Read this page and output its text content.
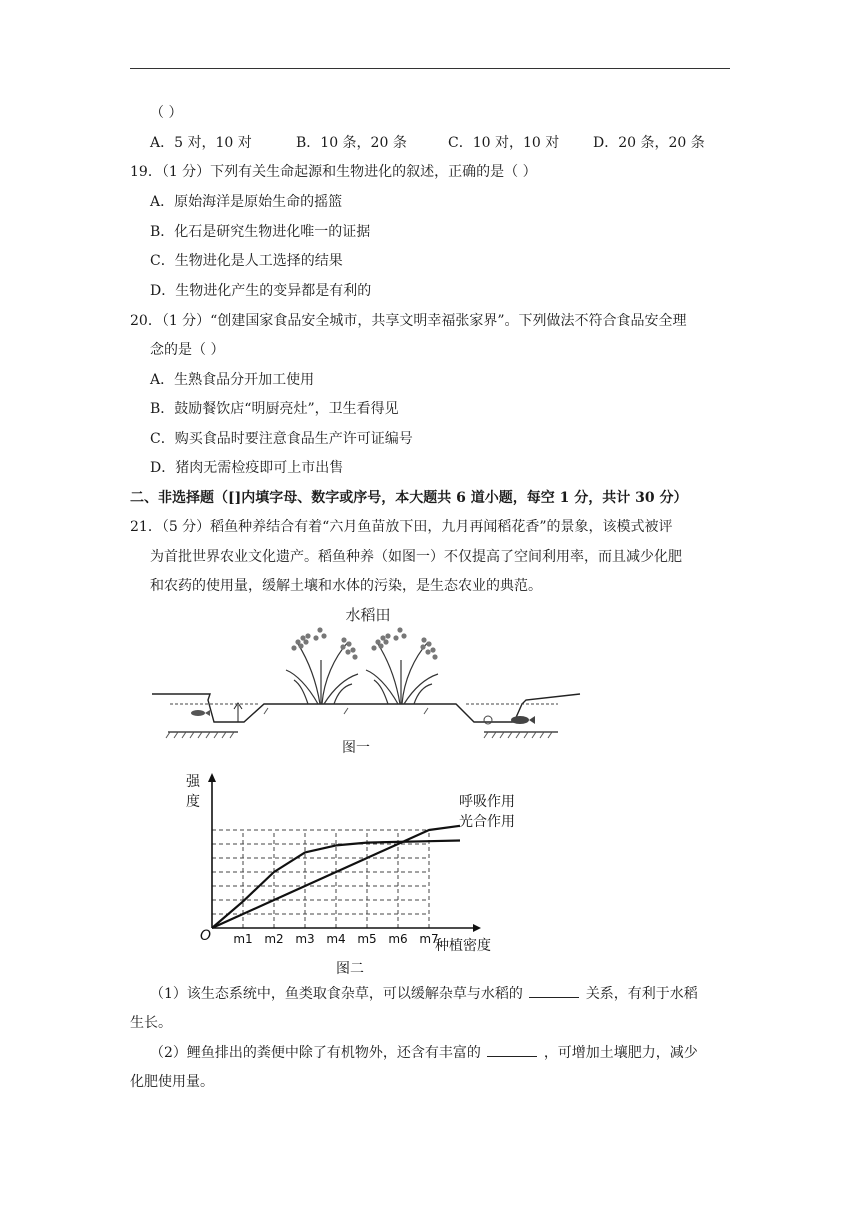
（ ）
A．5 对，10 对	B．10 条，20 条	C．10 对，10 对 D．20 条，20 条
19．（1 分）下列有关生命起源和生物进化的叙述，正确的是（ ）
A．原始海洋是原始生命的摇篮
B．化石是研究生物进化唯一的证据
C．生物进化是人工选择的结果
D．生物进化产生的变异都是有利的
20．（1 分）“创建国家食品安全城市，共享文明幸福张家界”。下列做法不符合食品安全理
念的是（ ）
A．生熟食品分开加工使用
B．鼓励餐饮店“明厨亮灶”，卫生看得见
C．购买食品时要注意食品生产许可证编号
D．猪肉无需检疫即可上市出售
二、非选择题（[]内填字母、数字或序号，本大题共 6 道小题，每空 1 分，共计 30 分）
21．（5 分）稻鱼种养结合有着“六月鱼苗放下田，九月再闻稻花香”的景象，该模式被评
为首批世界农业文化遗产。稻鱼种养（如图一）不仅提高了空间利用率，而且减少化肥
和农药的使用量，缓解土壤和水体的污染，是生态农业的典范。
水稻田
图一
O m1 m2 m3 m4 m5 m6 m7
强
度
种植密度
呼吸作用
光合作用
图二
（1）该生态系统中，鱼类取食杂草，可以缓解杂草与水稻的	关系，有利于水稻
生长。
（2）鲤鱼排出的粪便中除了有机物外，还含有丰富的	，可增加土壤肥力，减少
化肥使用量。
